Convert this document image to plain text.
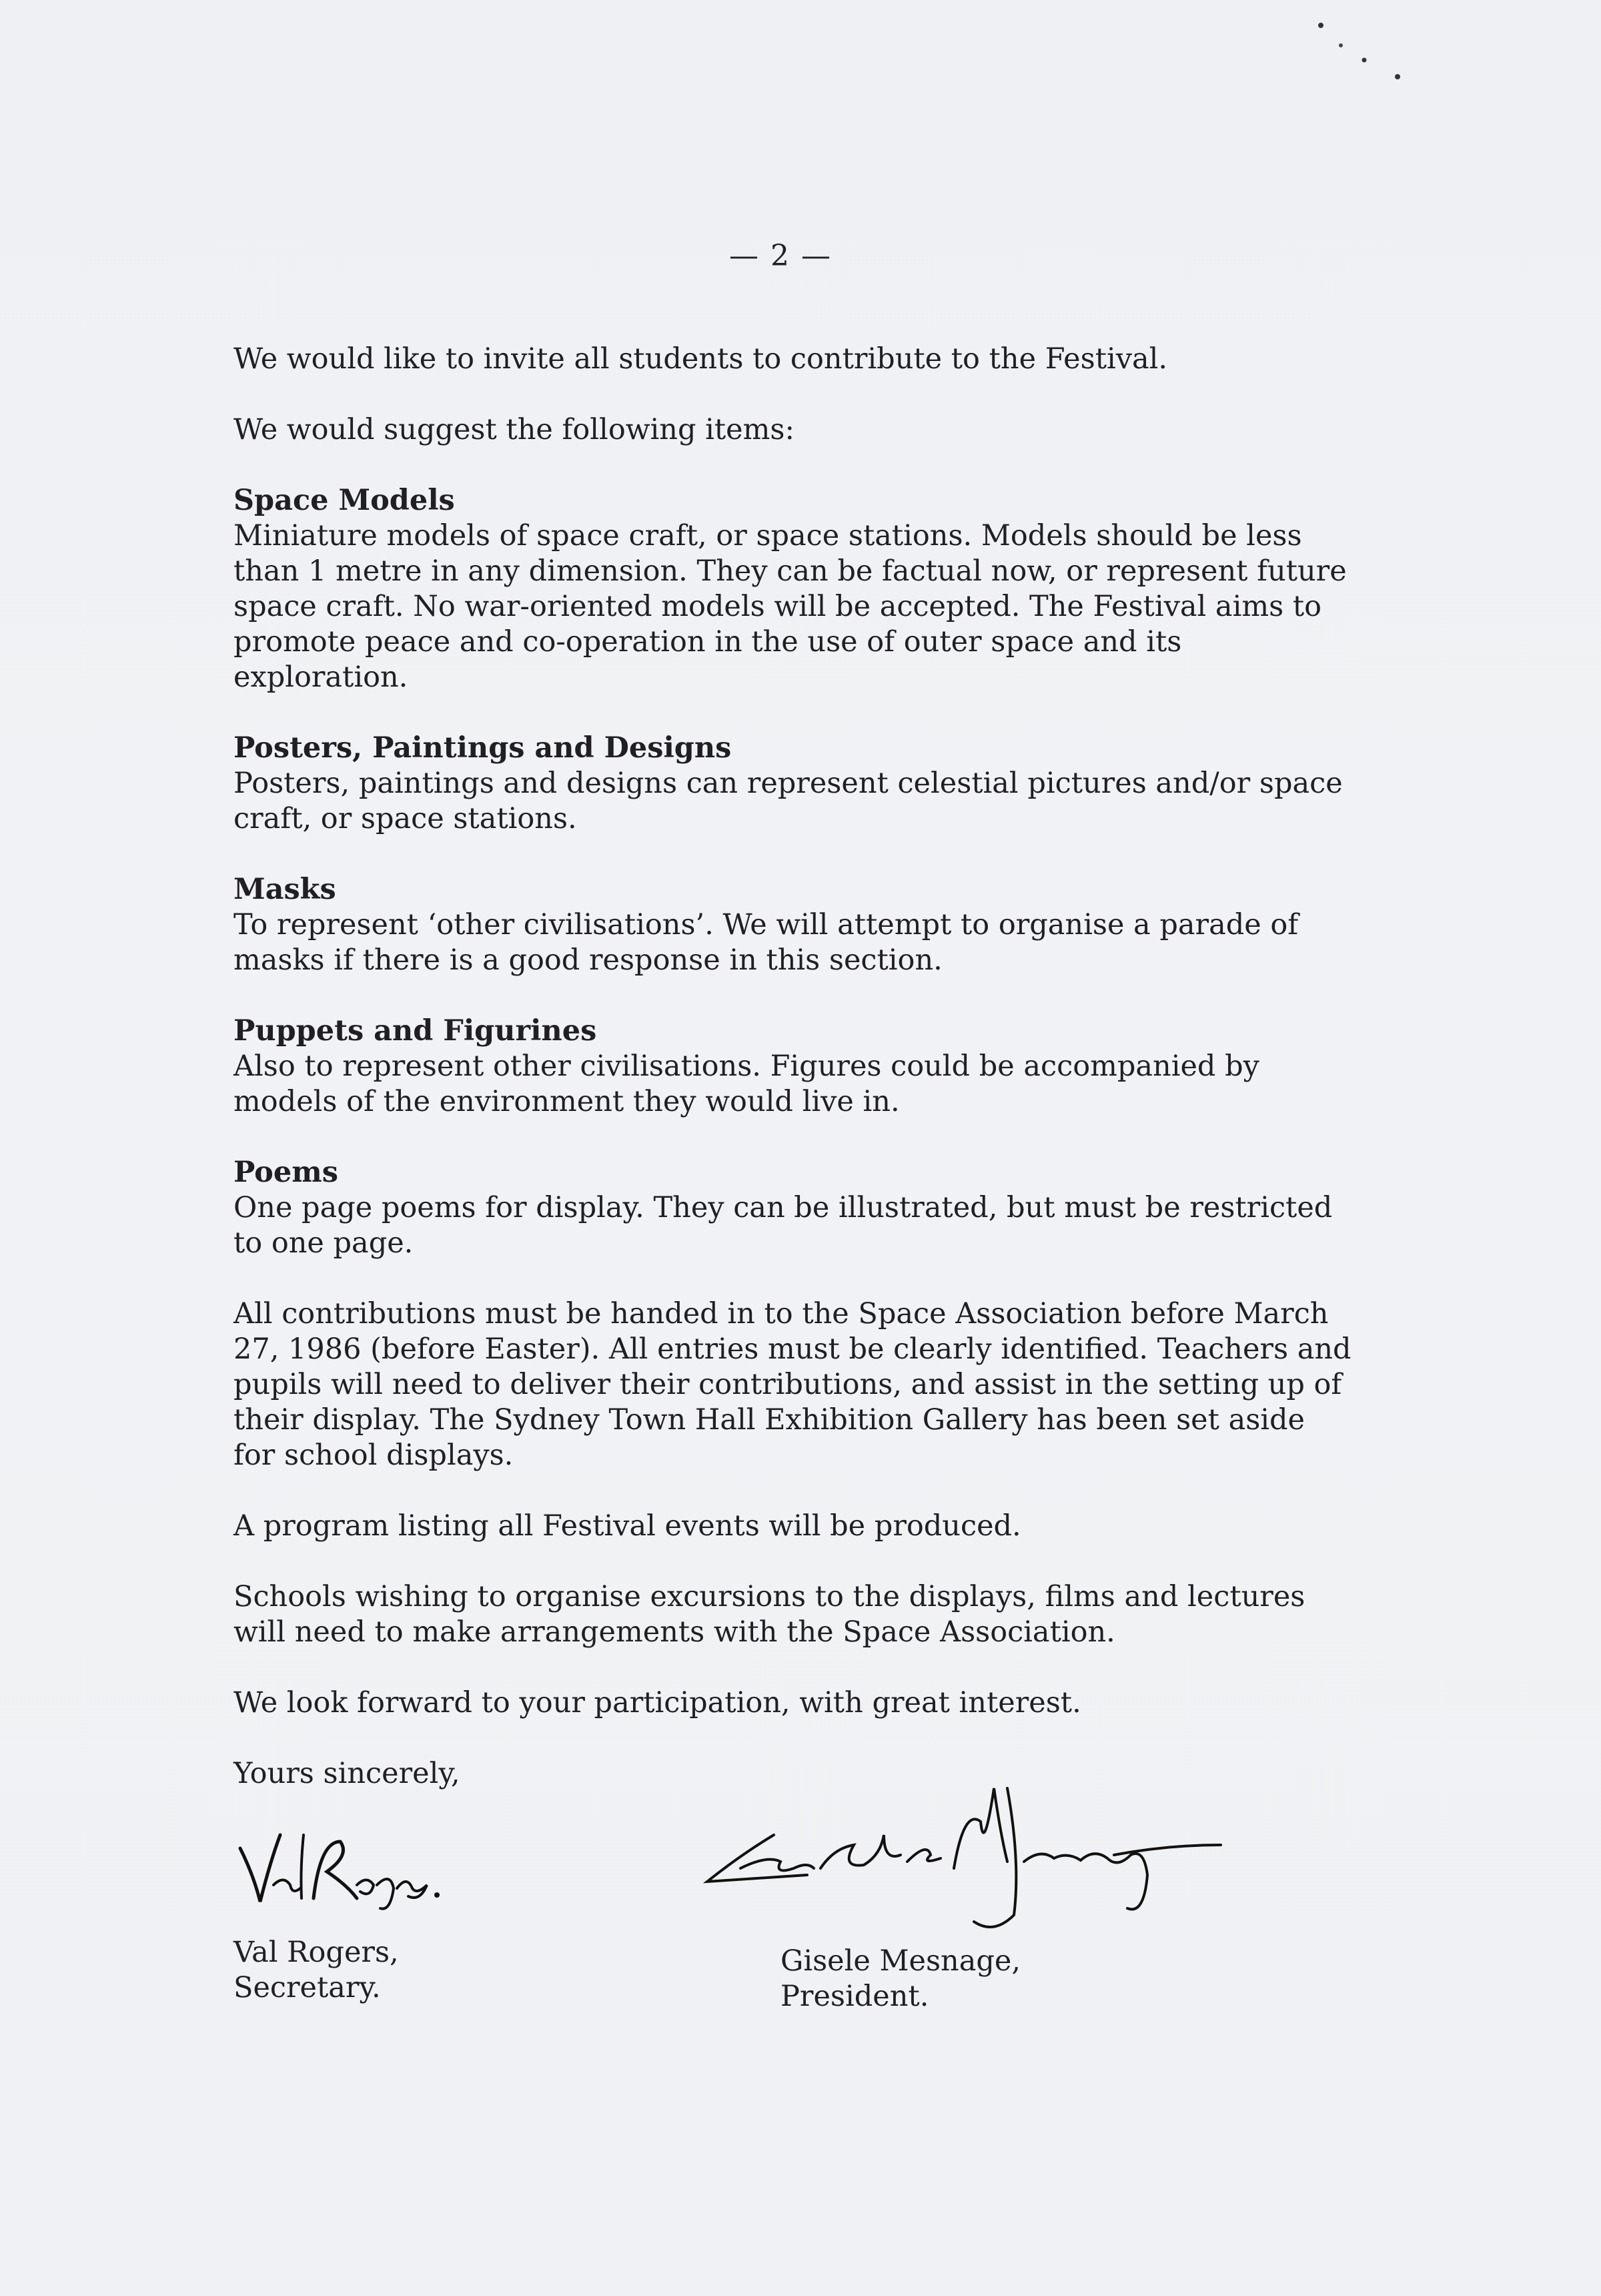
— 2 —

We would like to invite all students to contribute to the Festival.

We would suggest the following items:

Space Models
Miniature models of space craft, or space stations. Models should be less than 1 metre in any dimension. They can be factual now, or represent future space craft. No war-oriented models will be accepted. The Festival aims to promote peace and co-operation in the use of outer space and its exploration.
Posters, Paintings and Designs
Posters, paintings and designs can represent celestial pictures and/or space craft, or space stations.
Masks
To represent ‘other civilisations’. We will attempt to organise a parade of masks if there is a good response in this section.
Puppets and Figurines
Also to represent other civilisations. Figures could be accompanied by models of the environment they would live in.
Poems
One page poems for display. They can be illustrated, but must be restricted to one page.

All contributions must be handed in to the Space Association before March 27, 1986 (before Easter). All entries must be clearly identified. Teachers and pupils will need to deliver their contributions, and assist in the setting up of their display. The Sydney Town Hall Exhibition Gallery has been set aside for school displays.

A program listing all Festival events will be produced.

Schools wishing to organise excursions to the displays, films and lectures will need to make arrangements with the Space Association.

We look forward to your participation, with great interest.

Yours sincerely,

Val Rogers,
Secretary.
Gisele Mesnage,
President.
